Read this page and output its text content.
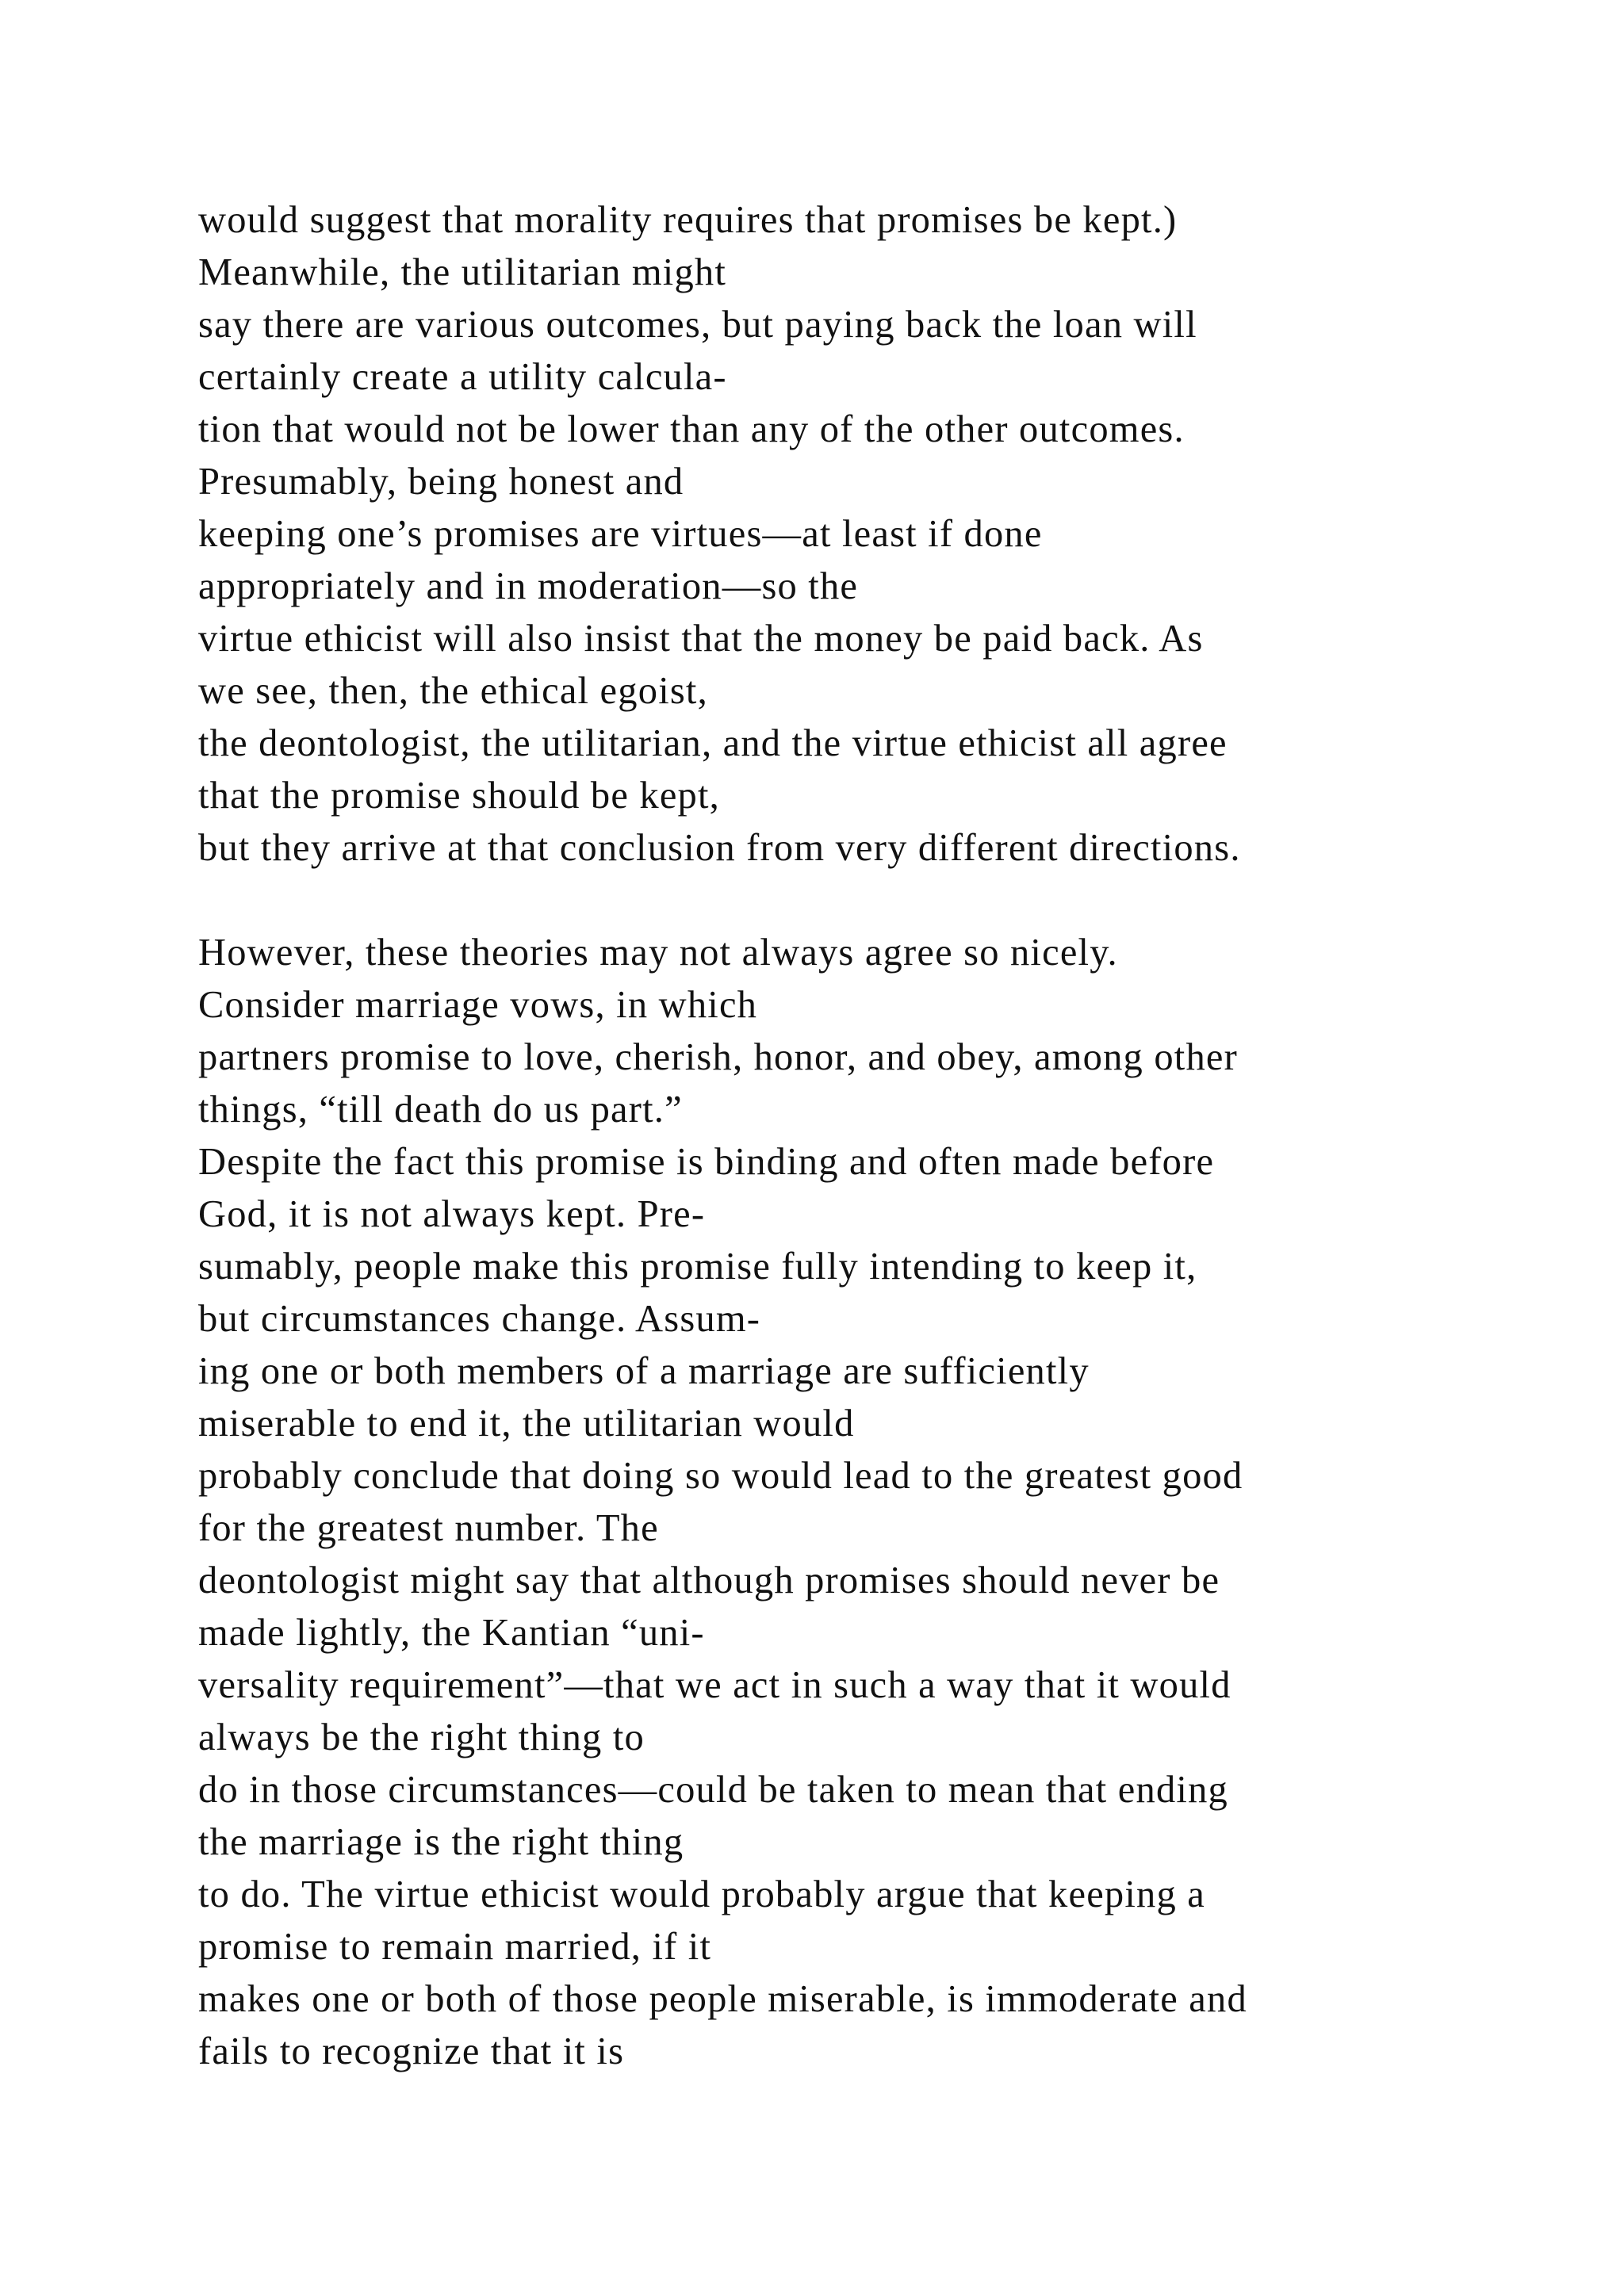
would suggest that morality requires that promises be kept.)
Meanwhile, the utilitarian might
say there are various outcomes, but paying back the loan will
certainly create a utility calcula-
tion that would not be lower than any of the other outcomes.
Presumably, being honest and
keeping one’s promises are virtues—at least if done
appropriately and in moderation—so the
virtue ethicist will also insist that the money be paid back. As
we see, then, the ethical egoist,
the deontologist, the utilitarian, and the virtue ethicist all agree
that the promise should be kept,
but they arrive at that conclusion from very different directions.
However, these theories may not always agree so nicely.
Consider marriage vows, in which
partners promise to love, cherish, honor, and obey, among other
things, “till death do us part.”
Despite the fact this promise is binding and often made before
God, it is not always kept. Pre-
sumably, people make this promise fully intending to keep it,
but circumstances change. Assum-
ing one or both members of a marriage are sufficiently
miserable to end it, the utilitarian would
probably conclude that doing so would lead to the greatest good
for the greatest number. The
deontologist might say that although promises should never be
made lightly, the Kantian “uni-
versality requirement”—that we act in such a way that it would
always be the right thing to
do in those circumstances—could be taken to mean that ending
the marriage is the right thing
to do. The virtue ethicist would probably argue that keeping a
promise to remain married, if it
makes one or both of those people miserable, is immoderate and
fails to recognize that it is
